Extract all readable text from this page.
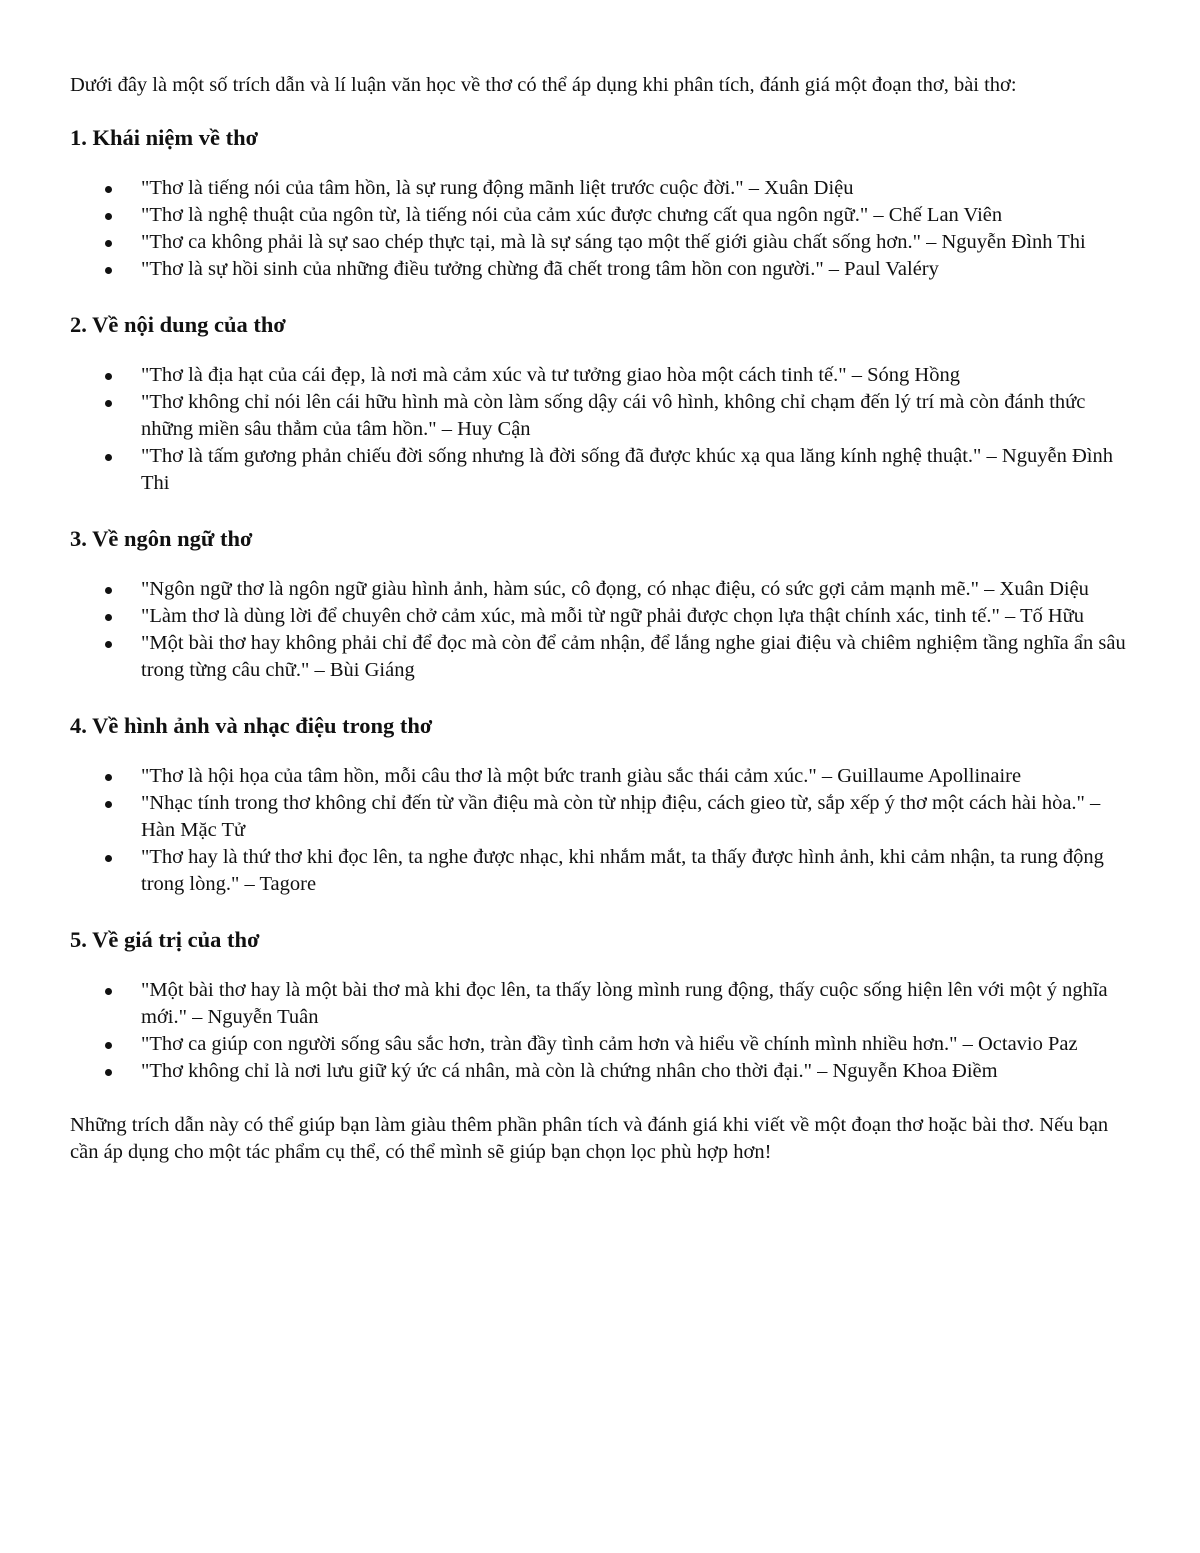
Dưới đây là một số trích dẫn và lí luận văn học về thơ có thể áp dụng khi phân tích, đánh giá một đoạn thơ, bài thơ:

1. Khái niệm về thơ
"Thơ là tiếng nói của tâm hồn, là sự rung động mãnh liệt trước cuộc đời." – Xuân Diệu
"Thơ là nghệ thuật của ngôn từ, là tiếng nói của cảm xúc được chưng cất qua ngôn ngữ." – Chế Lan Viên
"Thơ ca không phải là sự sao chép thực tại, mà là sự sáng tạo một thế giới giàu chất sống hơn." – Nguyễn Đình Thi
"Thơ là sự hồi sinh của những điều tưởng chừng đã chết trong tâm hồn con người." – Paul Valéry
2. Về nội dung của thơ
"Thơ là địa hạt của cái đẹp, là nơi mà cảm xúc và tư tưởng giao hòa một cách tinh tế." – Sóng Hồng
"Thơ không chỉ nói lên cái hữu hình mà còn làm sống dậy cái vô hình, không chỉ chạm đến lý trí mà còn đánh thức những miền sâu thẳm của tâm hồn." – Huy Cận
"Thơ là tấm gương phản chiếu đời sống nhưng là đời sống đã được khúc xạ qua lăng kính nghệ thuật." – Nguyễn Đình Thi
3. Về ngôn ngữ thơ
"Ngôn ngữ thơ là ngôn ngữ giàu hình ảnh, hàm súc, cô đọng, có nhạc điệu, có sức gợi cảm mạnh mẽ." – Xuân Diệu
"Làm thơ là dùng lời để chuyên chở cảm xúc, mà mỗi từ ngữ phải được chọn lựa thật chính xác, tinh tế." – Tố Hữu
"Một bài thơ hay không phải chỉ để đọc mà còn để cảm nhận, để lắng nghe giai điệu và chiêm nghiệm tầng nghĩa ẩn sâu trong từng câu chữ." – Bùi Giáng
4. Về hình ảnh và nhạc điệu trong thơ
"Thơ là hội họa của tâm hồn, mỗi câu thơ là một bức tranh giàu sắc thái cảm xúc." – Guillaume Apollinaire
"Nhạc tính trong thơ không chỉ đến từ vần điệu mà còn từ nhịp điệu, cách gieo từ, sắp xếp ý thơ một cách hài hòa." – Hàn Mặc Tử
"Thơ hay là thứ thơ khi đọc lên, ta nghe được nhạc, khi nhắm mắt, ta thấy được hình ảnh, khi cảm nhận, ta rung động trong lòng." – Tagore
5. Về giá trị của thơ
"Một bài thơ hay là một bài thơ mà khi đọc lên, ta thấy lòng mình rung động, thấy cuộc sống hiện lên với một ý nghĩa mới." – Nguyễn Tuân
"Thơ ca giúp con người sống sâu sắc hơn, tràn đầy tình cảm hơn và hiểu về chính mình nhiều hơn." – Octavio Paz
"Thơ không chỉ là nơi lưu giữ ký ức cá nhân, mà còn là chứng nhân cho thời đại." – Nguyễn Khoa Điềm

Những trích dẫn này có thể giúp bạn làm giàu thêm phần phân tích và đánh giá khi viết về một đoạn thơ hoặc bài thơ. Nếu bạn cần áp dụng cho một tác phẩm cụ thể, có thể mình sẽ giúp bạn chọn lọc phù hợp hơn!
